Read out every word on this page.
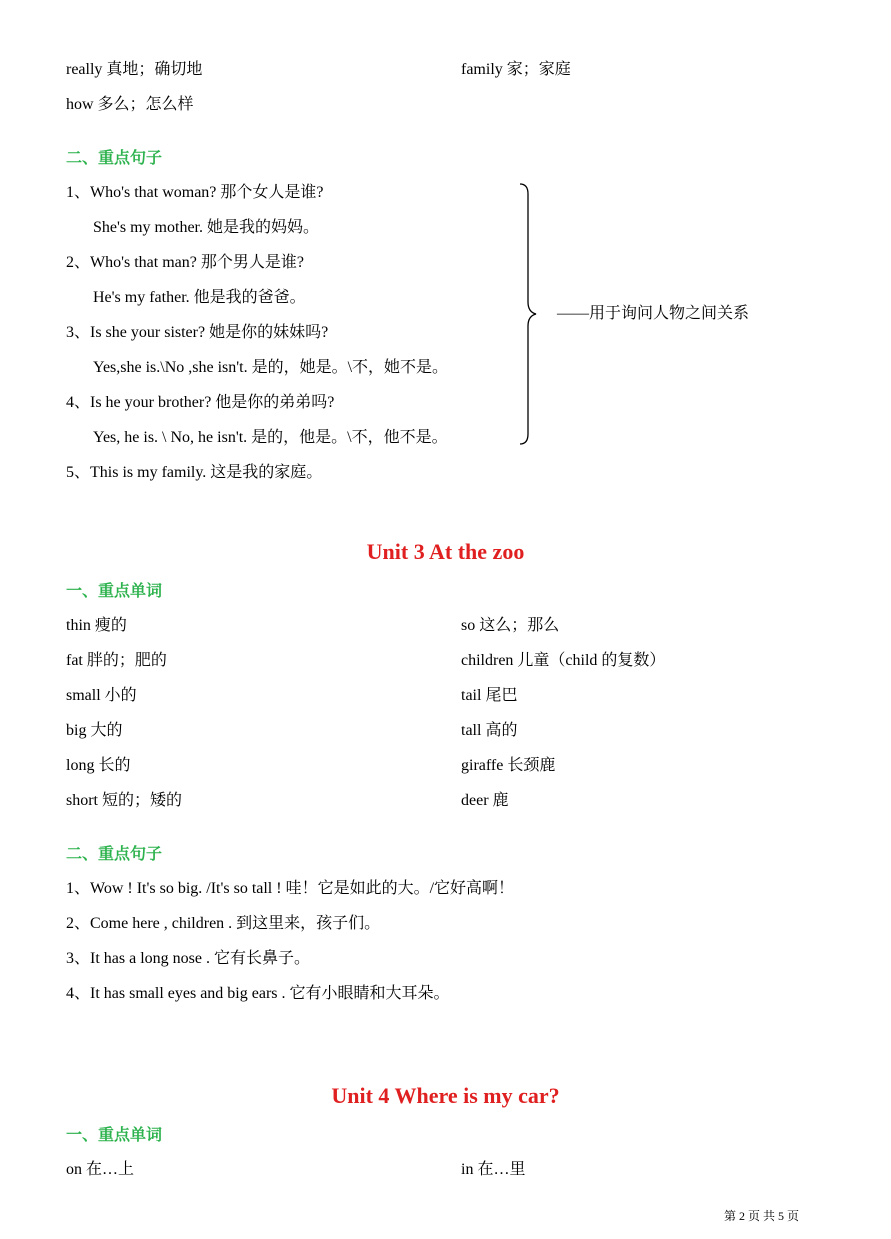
really 真地；确切地	family 家；家庭
how 多么；怎么样
二、重点句子
1、Who's that woman? 那个女人是谁?
She's my mother. 她是我的妈妈。
2、Who's that man? 那个男人是谁?
He's my father. 他是我的爸爸。
3、Is she your sister? 她是你的妹妹吗?
Yes,she is.\No ,she isn't. 是的，她是。\不，她不是。
4、Is he your brother? 他是你的弟弟吗?
Yes, he is. \ No, he isn't. 是的，他是。\不，他不是。
5、This is my family. 这是我的家庭。
——用于询问人物之间关系
Unit 3 At the zoo
一、重点单词
thin 瘦的	so 这么；那么
fat 胖的；肥的	children 儿童（child 的复数）
small 小的	tail 尾巴
big 大的	tall 高的
long 长的	giraffe 长颈鹿
short 短的；矮的	deer 鹿
二、重点句子
1、Wow ! It's so big. /It's so tall ! 哇！它是如此的大。/它好高啊！
2、Come here , children . 到这里来，孩子们。
3、It has a long nose . 它有长鼻子。
4、It has small eyes and big ears . 它有小眼睛和大耳朵。
Unit 4 Where is my car?
一、重点单词
on 在…上	in 在…里
第 2 页 共 5 页
